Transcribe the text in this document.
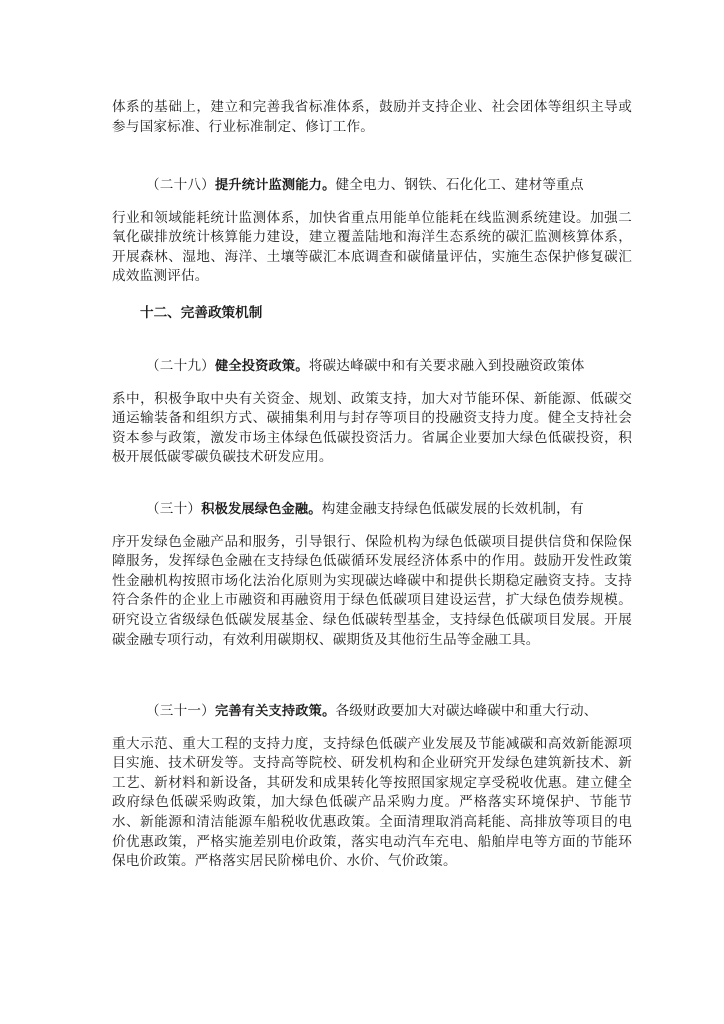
体系的基础上，建立和完善我省标准体系，鼓励并支持企业、社会团体等组织主导或参与国家标准、行业标准制定、修订工作。

（二十八）提升统计监测能力。健全电力、钢铁、石化化工、建材等重点
行业和领域能耗统计监测体系，加快省重点用能单位能耗在线监测系统建设。加强二氧化碳排放统计核算能力建设，建立覆盖陆地和海洋生态系统的碳汇监测核算体系，开展森林、湿地、海洋、土壤等碳汇本底调查和碳储量评估，实施生态保护修复碳汇成效监测评估。

十二、完善政策机制

（二十九）健全投资政策。将碳达峰碳中和有关要求融入到投融资政策体
系中，积极争取中央有关资金、规划、政策支持，加大对节能环保、新能源、低碳交通运输装备和组织方式、碳捕集利用与封存等项目的投融资支持力度。健全支持社会资本参与政策，激发市场主体绿色低碳投资活力。省属企业要加大绿色低碳投资，积极开展低碳零碳负碳技术研发应用。

（三十）积极发展绿色金融。构建金融支持绿色低碳发展的长效机制，有
序开发绿色金融产品和服务，引导银行、保险机构为绿色低碳项目提供信贷和保险保障服务，发挥绿色金融在支持绿色低碳循环发展经济体系中的作用。鼓励开发性政策性金融机构按照市场化法治化原则为实现碳达峰碳中和提供长期稳定融资支持。支持符合条件的企业上市融资和再融资用于绿色低碳项目建设运营，扩大绿色债券规模。研究设立省级绿色低碳发展基金、绿色低碳转型基金，支持绿色低碳项目发展。开展碳金融专项行动，有效利用碳期权、碳期货及其他衍生品等金融工具。

（三十一）完善有关支持政策。各级财政要加大对碳达峰碳中和重大行动、
重大示范、重大工程的支持力度，支持绿色低碳产业发展及节能减碳和高效新能源项目实施、技术研发等。支持高等院校、研发机构和企业研究开发绿色建筑新技术、新工艺、新材料和新设备，其研发和成果转化等按照国家规定享受税收优惠。建立健全政府绿色低碳采购政策，加大绿色低碳产品采购力度。严格落实环境保护、节能节水、新能源和清洁能源车船税收优惠政策。全面清理取消高耗能、高排放等项目的电价优惠政策，严格实施差别电价政策，落实电动汽车充电、船舶岸电等方面的节能环保电价政策。严格落实居民阶梯电价、水价、气价政策。
